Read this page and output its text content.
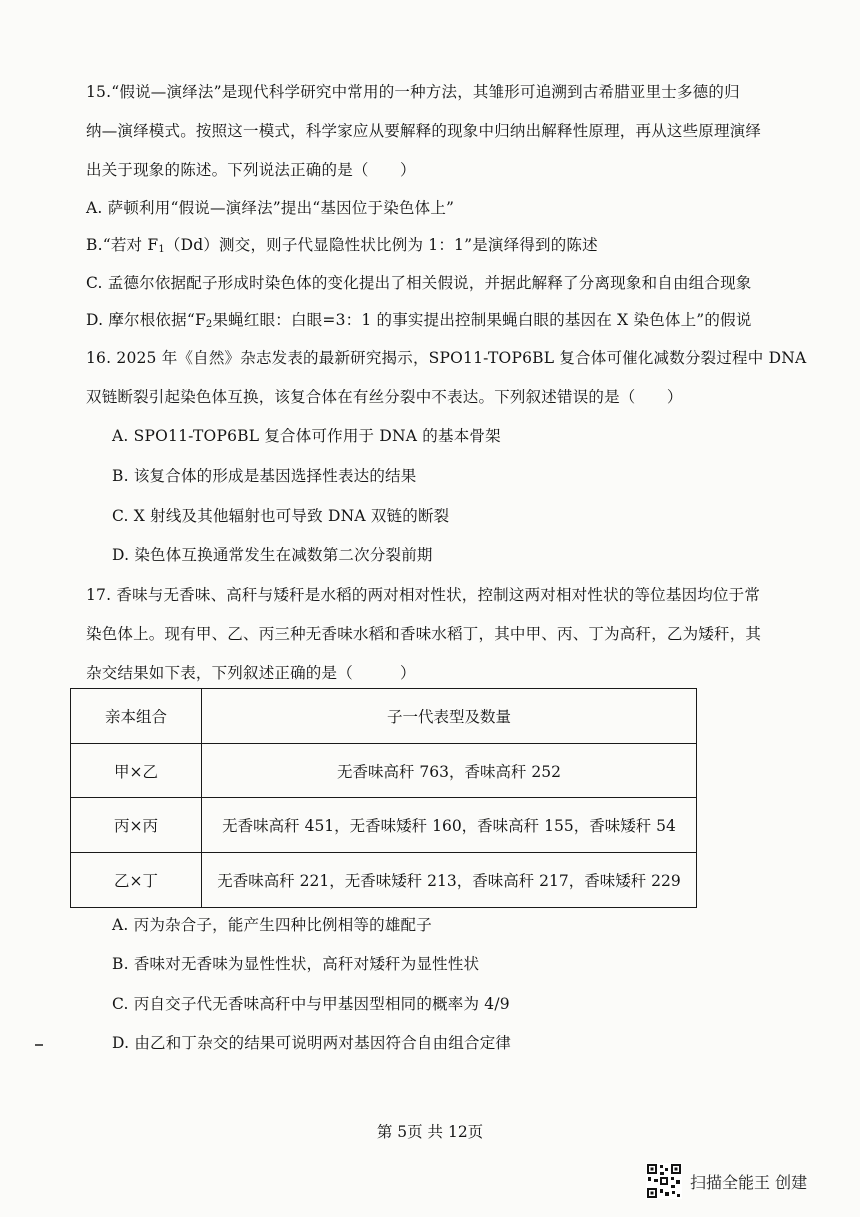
15.“假说—演绎法”是现代科学研究中常用的一种方法，其雏形可追溯到古希腊亚里士多德的归
纳—演绎模式。按照这一模式，科学家应从要解释的现象中归纳出解释性原理，再从这些原理演绎
出关于现象的陈述。下列说法正确的是（　　）
A. 萨顿利用“假说—演绎法”提出“基因位于染色体上”
B.“若对 $F_1(Dd)$测交，则子代显隐性状比例为 1：1”是演绎得到的陈述
C. 孟德尔依据配子形成时染色体的变化提出了相关假说，并据此解释了分离现象和自由组合现象
D. 摩尔根依据“$F_2$果蝇红眼：白眼=3：1 的事实提出控制果蝇白眼的基因在 X 染色体上”的假说
16. 2025 年《自然》杂志发表的最新研究揭示，SPO11-TOP6BL 复合体可催化减数分裂过程中 DNA
双链断裂引起染色体互换，该复合体在有丝分裂中不表达。下列叙述错误的是（　　）
A. SPO11-TOP6BL 复合体可作用于 DNA 的基本骨架
B. 该复合体的形成是基因选择性表达的结果
C. X 射线及其他辐射也可导致 DNA 双链的断裂
D. 染色体互换通常发生在减数第二次分裂前期
17. 香味与无香味、高秆与矮秆是水稻的两对相对性状，控制这两对相对性状的等位基因均位于常
染色体上。现有甲、乙、丙三种无香味水稻和香味水稻丁，其中甲、丙、丁为高秆，乙为矮秆，其
杂交结果如下表，下列叙述正确的是（　　　）
亲本组合	子一代表型及数量
甲×乙	无香味高秆 763，香味高秆 252
丙×丙	无香味高秆 451，无香味矮秆 160，香味高秆 155，香味矮秆 54
乙×丁	无香味高秆 221，无香味矮秆 213，香味高秆 217，香味矮秆 229
A. 丙为杂合子，能产生四种比例相等的雄配子
B. 香味对无香味为显性性状，高秆对矮秆为显性性状
C. 丙自交子代无香味高秆中与甲基因型相同的概率为 4/9
D. 由乙和丁杂交的结果可说明两对基因符合自由组合定律
第 5页 共 12页
扫描全能王 创建
